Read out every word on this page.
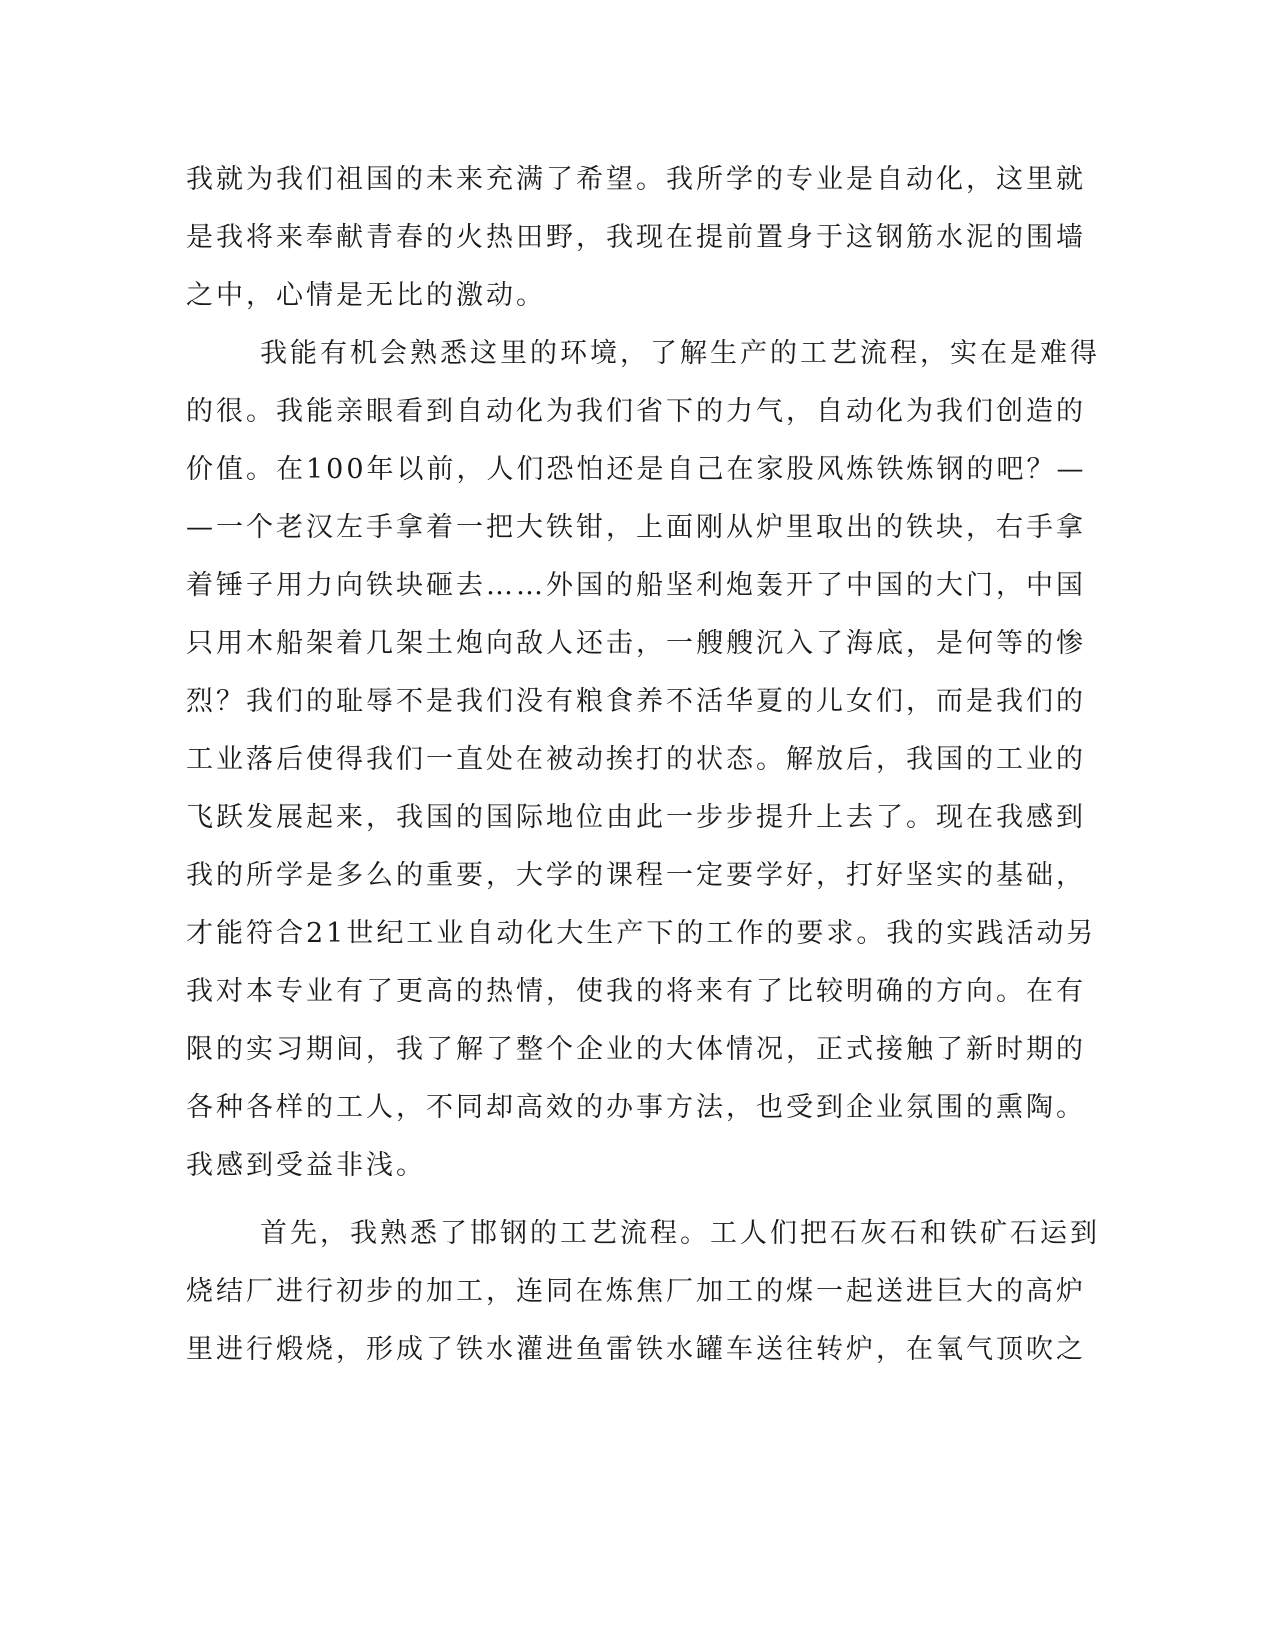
我就为我们祖国的未来充满了希望。我所学的专业是自动化，这里就
是我将来奉献青春的火热田野，我现在提前置身于这钢筋水泥的围墙
之中，心情是无比的激动。
我能有机会熟悉这里的环境，了解生产的工艺流程，实在是难得
的很。我能亲眼看到自动化为我们省下的力气，自动化为我们创造的
价值。在100年以前，人们恐怕还是自己在家股风炼铁炼钢的吧？—
—一个老汉左手拿着一把大铁钳，上面刚从炉里取出的铁块，右手拿
着锤子用力向铁块砸去……外国的船坚利炮轰开了中国的大门，中国
只用木船架着几架土炮向敌人还击，一艘艘沉入了海底，是何等的惨
烈？我们的耻辱不是我们没有粮食养不活华夏的儿女们，而是我们的
工业落后使得我们一直处在被动挨打的状态。解放后，我国的工业的
飞跃发展起来，我国的国际地位由此一步步提升上去了。现在我感到
我的所学是多么的重要，大学的课程一定要学好，打好坚实的基础，
才能符合21世纪工业自动化大生产下的工作的要求。我的实践活动另
我对本专业有了更高的热情，使我的将来有了比较明确的方向。在有
限的实习期间，我了解了整个企业的大体情况，正式接触了新时期的
各种各样的工人，不同却高效的办事方法，也受到企业氛围的熏陶。
我感到受益非浅。
首先，我熟悉了邯钢的工艺流程。工人们把石灰石和铁矿石运到
烧结厂进行初步的加工，连同在炼焦厂加工的煤一起送进巨大的高炉
里进行煅烧，形成了铁水灌进鱼雷铁水罐车送往转炉，在氧气顶吹之
